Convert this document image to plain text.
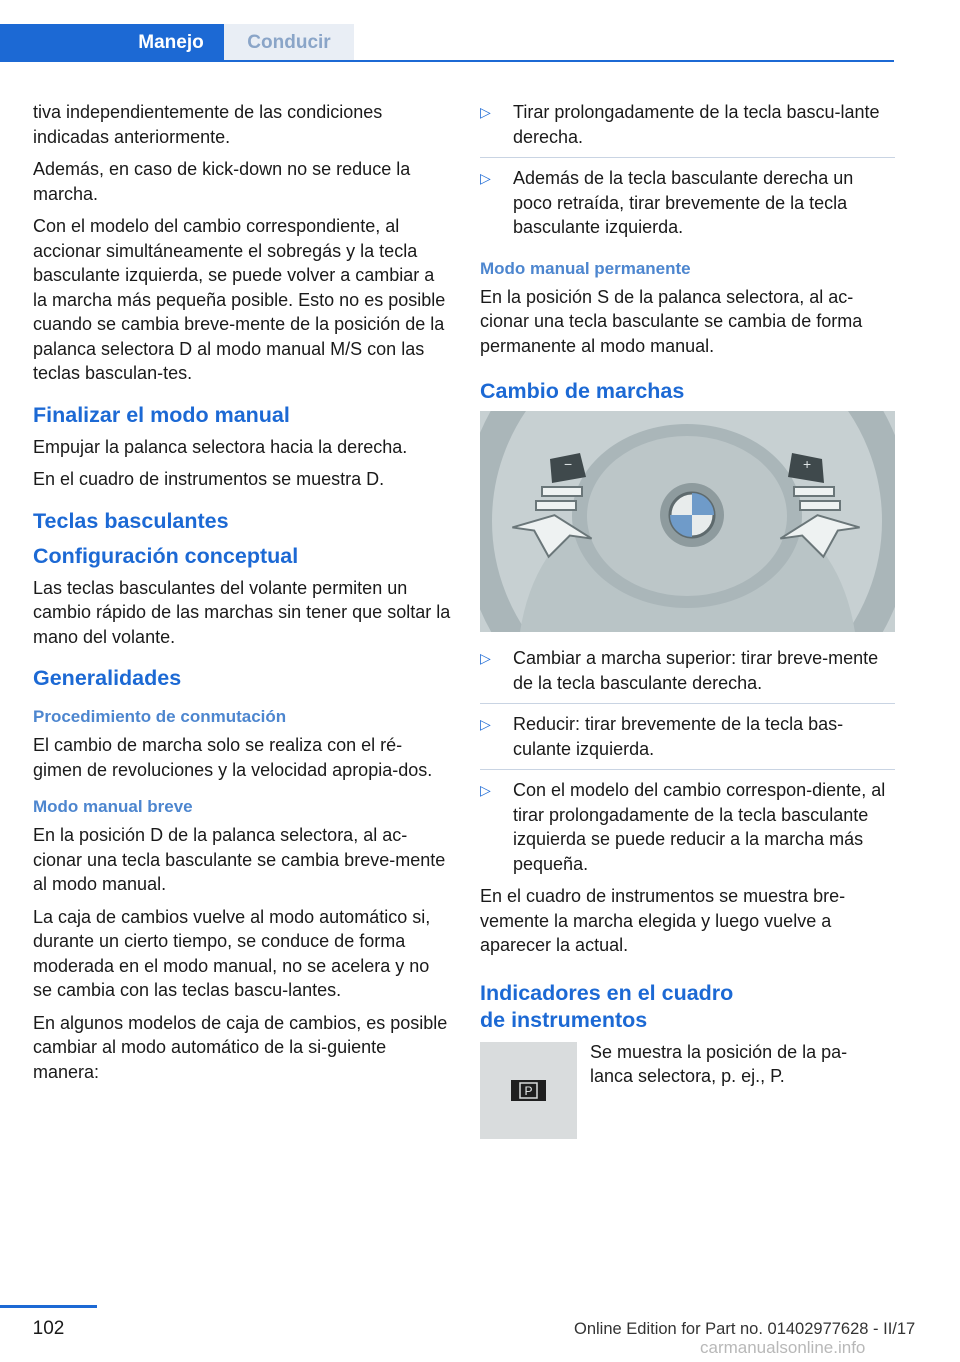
Manejo	Conducir

tiva independientemente de las condiciones indicadas anteriormente.

Además, en caso de kick-down no se reduce la marcha.

Con el modelo del cambio correspondiente, al accionar simultáneamente el sobregás y la tecla basculante izquierda, se puede volver a cambiar a la marcha más pequeña posible. Esto no es posible cuando se cambia breve‐mente de la posición de la palanca selectora D al modo manual M/S con las teclas basculan‐tes.

Finalizar el modo manual

Empujar la palanca selectora hacia la derecha.

En el cuadro de instrumentos se muestra D.

Teclas basculantes
Configuración conceptual

Las teclas basculantes del volante permiten un cambio rápido de las marchas sin tener que soltar la mano del volante.

Generalidades
Procedimiento de conmutación

El cambio de marcha solo se realiza con el ré‐gimen de revoluciones y la velocidad apropia‐dos.

Modo manual breve

En la posición D de la palanca selectora, al ac‐cionar una tecla basculante se cambia breve‐mente al modo manual.

La caja de cambios vuelve al modo automático si, durante un cierto tiempo, se conduce de forma moderada en el modo manual, no se acelera y no se cambia con las teclas bascu‐lantes.

En algunos modelos de caja de cambios, es posible cambiar al modo automático de la si‐guiente manera:

▷ Tirar prolongadamente de la tecla bascu‐lante derecha.
▷ Además de la tecla basculante derecha un poco retraída, tirar brevemente de la tecla basculante izquierda.
Modo manual permanente

En la posición S de la palanca selectora, al ac‐cionar una tecla basculante se cambia de forma permanente al modo manual.

Cambio de marchas
−	+
▷ Cambiar a marcha superior: tirar breve‐mente de la tecla basculante derecha.
▷ Reducir: tirar brevemente de la tecla bas‐culante izquierda.
▷ Con el modelo del cambio correspon‐diente, al tirar prolongadamente de la tecla basculante izquierda se puede reducir a la marcha más pequeña.

En el cuadro de instrumentos se muestra bre‐vemente la marcha elegida y luego vuelve a aparecer la actual.

Indicadores en el cuadro
de instrumentos
P
Se muestra la posición de la pa‐lanca selectora, p. ej., P.
102	Online Edition for Part no. 01402977628 - II/17
carmanualsonline.info
